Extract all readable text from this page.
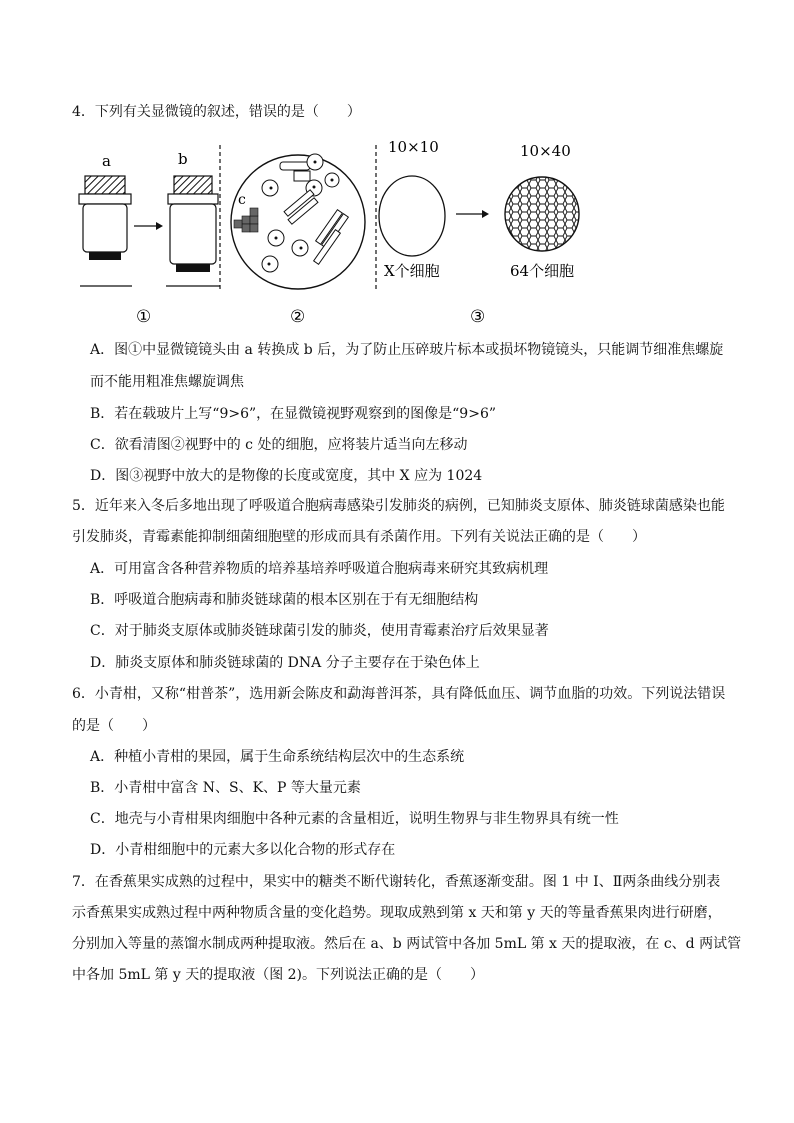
4．下列有关显微镜的叙述，错误的是（　　）
a	b
c
10×10
X个细胞
10×40
64个细胞
①	②	③
A．图①中显微镜镜头由 a 转换成 b 后，为了防止压碎玻片标本或损坏物镜镜头，只能调节细准焦螺旋
而不能用粗准焦螺旋调焦
B．若在载玻片上写“9>6”，在显微镜视野观察到的图像是“9>6”
C．欲看清图②视野中的 c 处的细胞，应将装片适当向左移动
D．图③视野中放大的是物像的长度或宽度，其中 X 应为 1024
5．近年来入冬后多地出现了呼吸道合胞病毒感染引发肺炎的病例，已知肺炎支原体、肺炎链球菌感染也能
引发肺炎，青霉素能抑制细菌细胞壁的形成而具有杀菌作用。下列有关说法正确的是（　　）
A．可用富含各种营养物质的培养基培养呼吸道合胞病毒来研究其致病机理
B．呼吸道合胞病毒和肺炎链球菌的根本区别在于有无细胞结构
C．对于肺炎支原体或肺炎链球菌引发的肺炎，使用青霉素治疗后效果显著
D．肺炎支原体和肺炎链球菌的 DNA 分子主要存在于染色体上
6．小青柑，又称“柑普茶”，选用新会陈皮和勐海普洱茶，具有降低血压、调节血脂的功效。下列说法错误
的是（　　）
A．种植小青柑的果园，属于生命系统结构层次中的生态系统
B．小青柑中富含 N、S、K、P 等大量元素
C．地壳与小青柑果肉细胞中各种元素的含量相近，说明生物界与非生物界具有统一性
D．小青柑细胞中的元素大多以化合物的形式存在
7．在香蕉果实成熟的过程中，果实中的糖类不断代谢转化，香蕉逐渐变甜。图 1 中 Ⅰ、Ⅱ两条曲线分别表
示香蕉果实成熟过程中两种物质含量的变化趋势。现取成熟到第 x 天和第 y 天的等量香蕉果肉进行研磨，
分别加入等量的蒸馏水制成两种提取液。然后在 a、b 两试管中各加 5mL 第 x 天的提取液，在 c、d 两试管
中各加 5mL 第 y 天的提取液（图 2)。下列说法正确的是（　　）
